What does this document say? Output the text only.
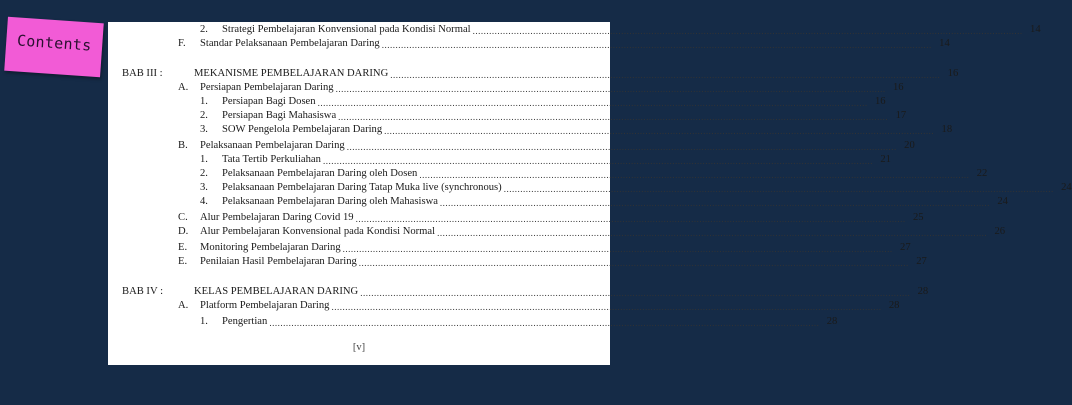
Contents
2.	Strategi Pembelajaran Konvensional pada Kondisi Normal ........................................................................................................................................................................................................ 14
F.	Standar Pelaksanaan Pembelajaran Daring ........................................................................................................................................................................................................ 14
BAB III :	MEKANISME PEMBELAJARAN DARING ........................................................................................................................................................................................................ 16
A.	Persiapan Pembelajaran Daring ........................................................................................................................................................................................................ 16
1.	Persiapan Bagi Dosen ........................................................................................................................................................................................................ 16
2.	Persiapan Bagi Mahasiswa ........................................................................................................................................................................................................ 17
3.	SOW Pengelola Pembelajaran Daring ........................................................................................................................................................................................................ 18
B.	Pelaksanaan Pembelajaran Daring ........................................................................................................................................................................................................ 20
1.	Tata Tertib Perkuliahan ........................................................................................................................................................................................................ 21
2.	Pelaksanaan Pembelajaran Daring oleh Dosen ........................................................................................................................................................................................................ 22
3.	Pelaksanaan Pembelajaran Daring Tatap Muka live (synchronous) ........................................................................................................................................................................................................ 24
4.	Pelaksanaan Pembelajaran Daring oleh Mahasiswa ........................................................................................................................................................................................................ 24
C.	Alur Pembelajaran Daring Covid 19 ........................................................................................................................................................................................................ 25
D.	Alur Pembelajaran Konvensional pada Kondisi Normal ........................................................................................................................................................................................................ 26
E.	Monitoring Pembelajaran Daring ........................................................................................................................................................................................................ 27
E.	Penilaian Hasil Pembelajaran Daring ........................................................................................................................................................................................................ 27
BAB IV :	KELAS PEMBELAJARAN DARING ........................................................................................................................................................................................................ 28
A.	Platform Pembelajaran Daring ........................................................................................................................................................................................................ 28
1.	Pengertian ........................................................................................................................................................................................................ 28
[v]
